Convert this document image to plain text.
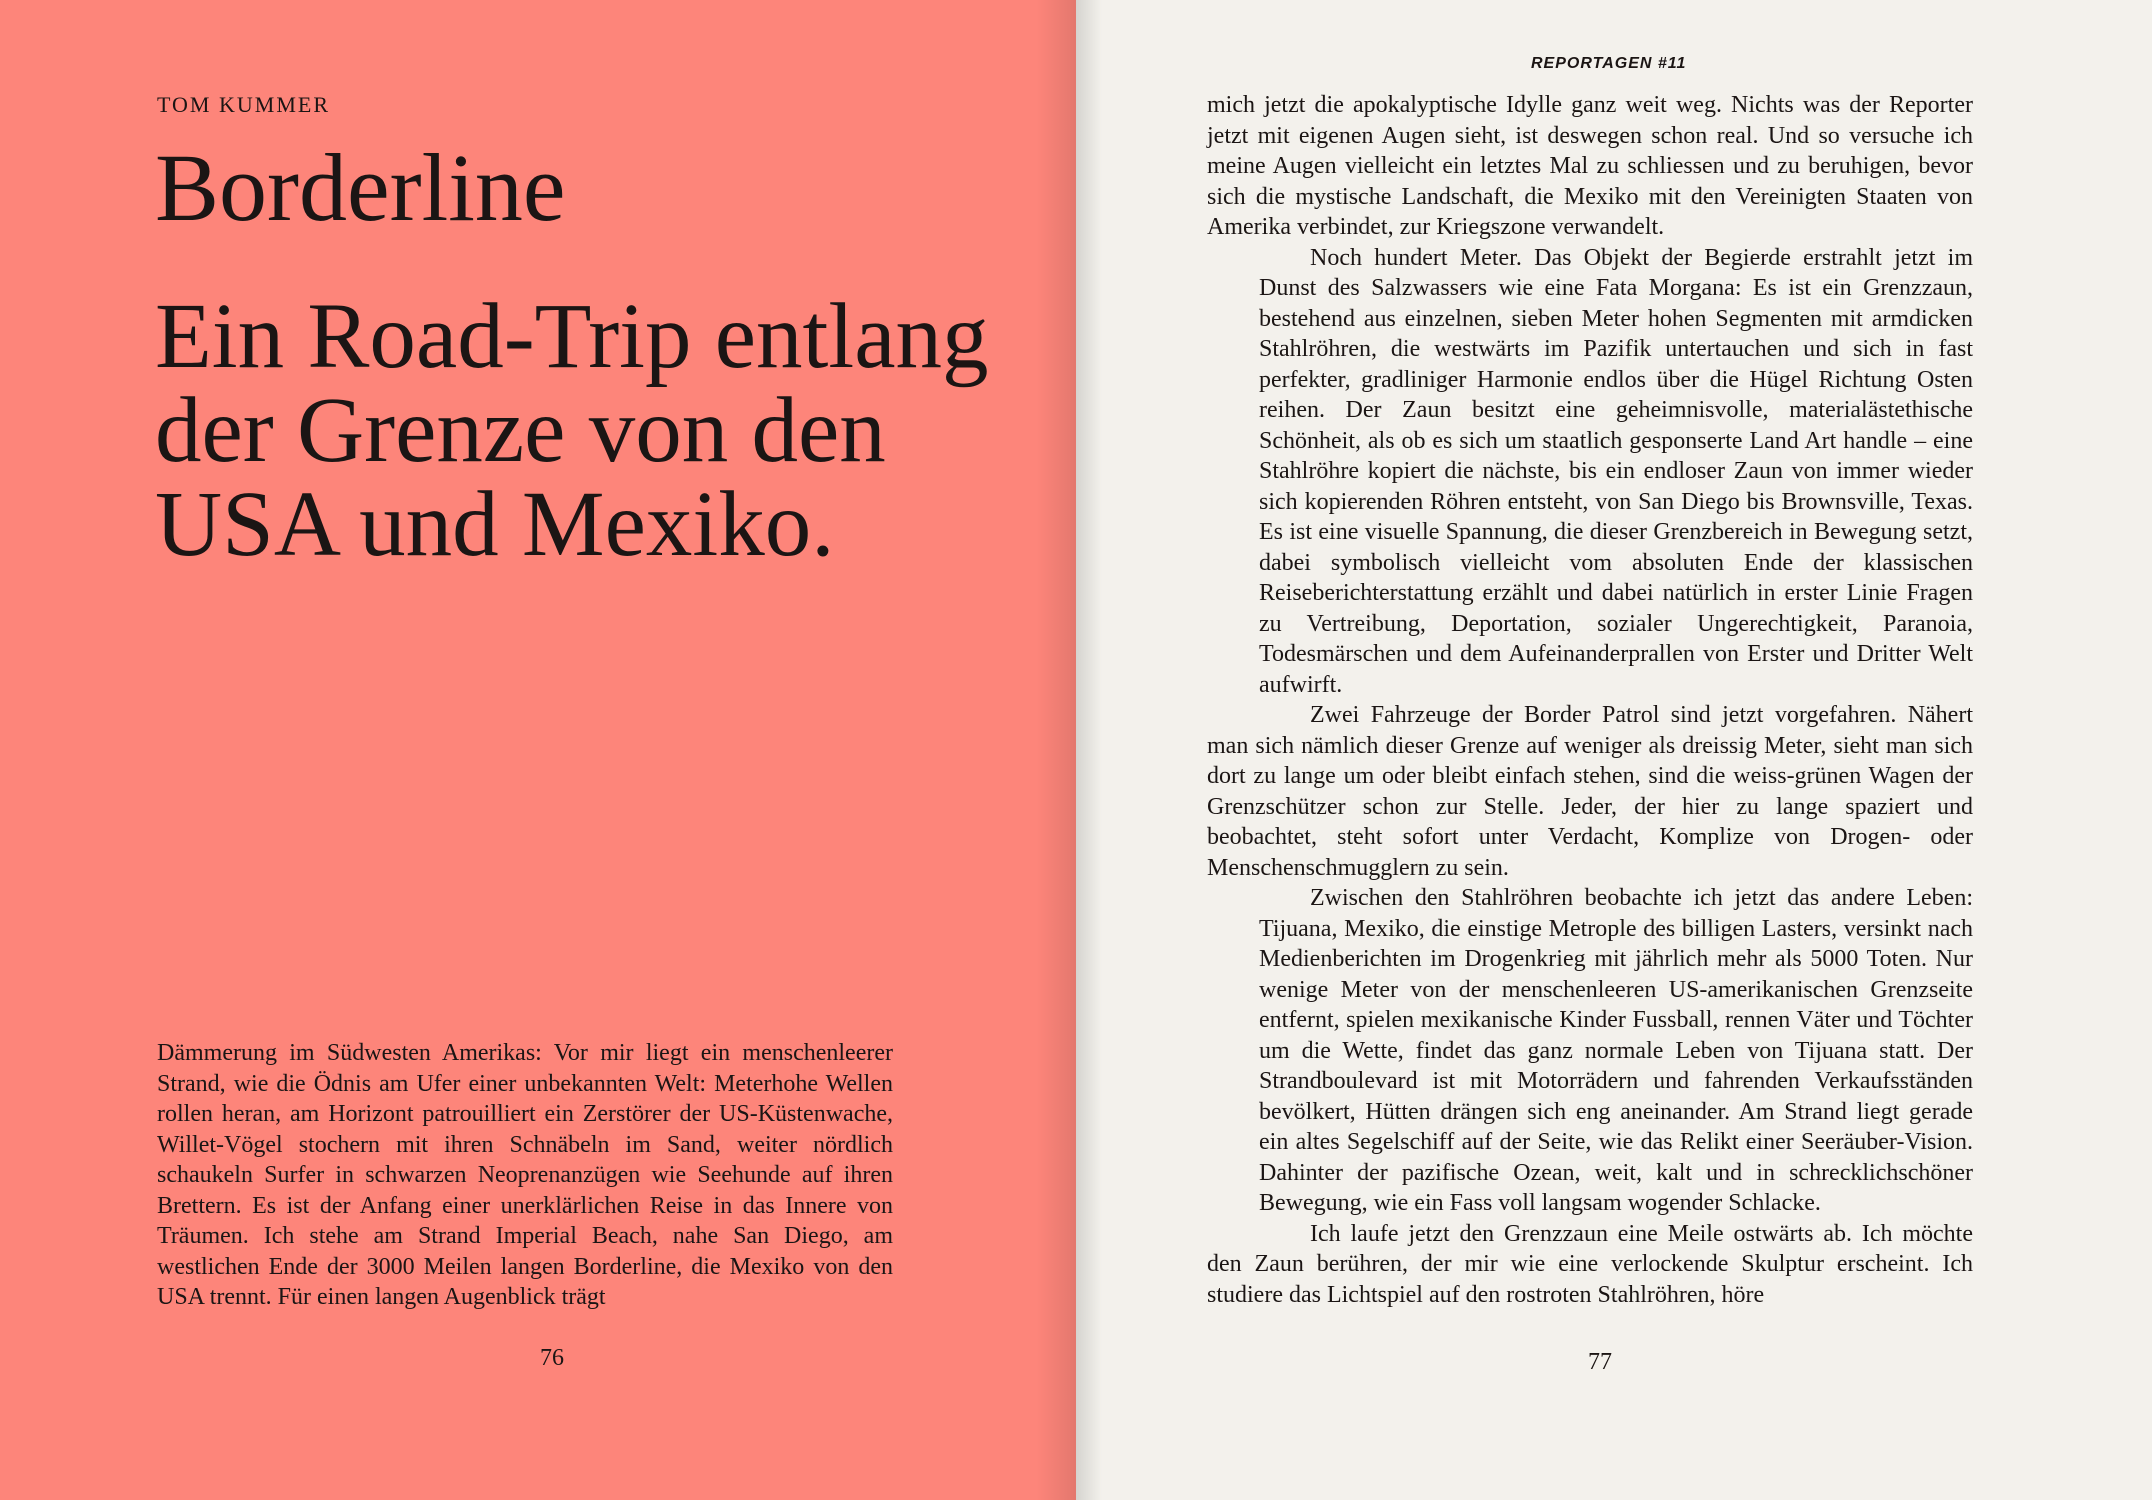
TOM KUMMER
Borderline
Ein Road-Trip entlang der Grenze von den USA und Mexiko.

Dämmerung im Südwesten Amerikas: Vor mir liegt ein menschenleerer Strand, wie die Ödnis am Ufer einer unbekannten Welt: Meterhohe Wellen rollen heran, am Horizont patrouilliert ein Zerstörer der US-Küstenwache, Willet-Vögel stochern mit ihren Schnäbeln im Sand, weiter nördlich schaukeln Surfer in schwarzen Neoprenanzügen wie Seehunde auf ihren Brettern. Es ist der Anfang einer unerklärlichen Reise in das Innere von Träumen. Ich stehe am Strand Imperial Beach, nahe San Diego, am westlichen Ende der 3000 Meilen langen Borderline, die Mexiko von den USA trennt. Für einen langen Augenblick trägt

76
REPORTAGEN #11

mich jetzt die apokalyptische Idylle ganz weit weg. Nichts was der Reporter jetzt mit eigenen Augen sieht, ist deswegen schon real. Und so versuche ich meine Augen vielleicht ein letztes Mal zu schliessen und zu beruhigen, bevor sich die mystische Landschaft, die Mexiko mit den Vereinigten Staaten von Amerika verbindet, zur Kriegszone verwandelt.

Noch hundert Meter. Das Objekt der Begierde erstrahlt jetzt im Dunst des Salzwassers wie eine Fata Morgana: Es ist ein Grenzzaun, bestehend aus einzelnen, sieben Meter hohen Segmenten mit armdicken Stahlröhren, die westwärts im Pazifik untertauchen und sich in fast perfekter, gradliniger Harmonie endlos über die Hügel Richtung Osten reihen. Der Zaun besitzt eine geheimnisvolle, materialästethische Schönheit, als ob es sich um staatlich gesponserte Land Art handle – eine Stahlröhre kopiert die nächste, bis ein endloser Zaun von immer wieder sich kopierenden Röhren entsteht, von San Diego bis Brownsville, Texas. Es ist eine visuelle Spannung, die dieser Grenzbereich in Bewegung setzt, dabei symbolisch vielleicht vom absoluten Ende der klassischen Reiseberichterstattung erzählt und dabei natürlich in erster Linie Fragen zu Vertreibung, Deportation, sozialer Ungerechtigkeit, Paranoia, Todesmärschen und dem Aufeinanderprallen von Erster und Dritter Welt aufwirft.

Zwei Fahrzeuge der Border Patrol sind jetzt vorgefahren. Nähert man sich nämlich dieser Grenze auf weniger als dreissig Meter, sieht man sich dort zu lange um oder bleibt einfach stehen, sind die weiss-grünen Wagen der Grenzschützer schon zur Stelle. Jeder, der hier zu lange spaziert und beobachtet, steht sofort unter Verdacht, Komplize von Drogen- oder Menschenschmugglern zu sein.

Zwischen den Stahlröhren beobachte ich jetzt das andere Leben: Tijuana, Mexiko, die einstige Metrople des billigen Lasters, versinkt nach Medienberichten im Drogenkrieg mit jährlich mehr als 5000 Toten. Nur wenige Meter von der menschenleeren US-amerikanischen Grenzseite entfernt, spielen mexikanische Kinder Fussball, rennen Väter und Töchter um die Wette, findet das ganz normale Leben von Tijuana statt. Der Strandboulevard ist mit Motorrädern und fahrenden Verkaufsständen bevölkert, Hütten drängen sich eng aneinander. Am Strand liegt gerade ein altes Segelschiff auf der Seite, wie das Relikt einer Seeräuber-Vision. Dahinter der pazifische Ozean, weit, kalt und in schrecklichschöner Bewegung, wie ein Fass voll langsam wogender Schlacke.

Ich laufe jetzt den Grenzzaun eine Meile ostwärts ab. Ich möchte den Zaun berühren, der mir wie eine verlockende Skulptur erscheint. Ich studiere das Lichtspiel auf den rostroten Stahlröhren, höre

77
